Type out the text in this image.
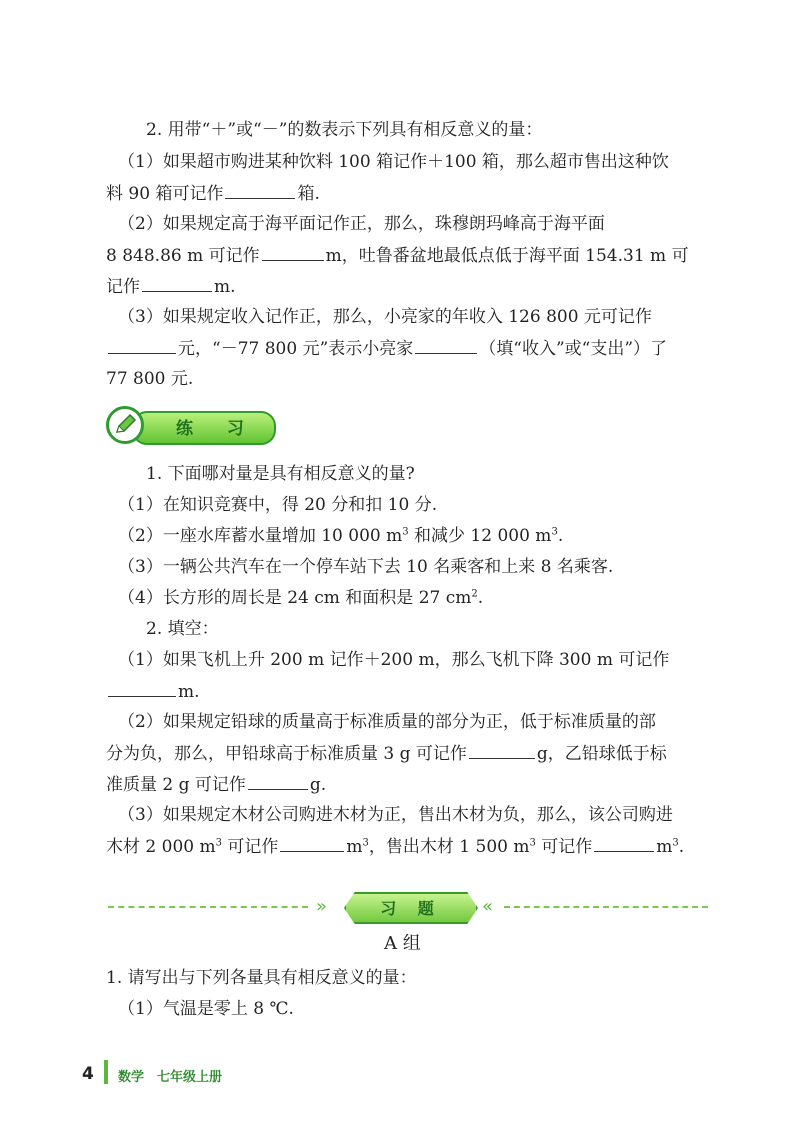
2. 用带“＋”或“－”的数表示下列具有相反意义的量：
（1）如果超市购进某种饮料 100 箱记作＋100 箱，那么超市售出这种饮
料 90 箱可记作	箱.
（2）如果规定高于海平面记作正，那么，珠穆朗玛峰高于海平面
8 848.86 m 可记作	m，吐鲁番盆地最低点低于海平面 154.31 m 可
记作	m.
（3）如果规定收入记作正，那么，小亮家的年收入 126 800 元可记作
元，“－77 800 元”表示小亮家	（填“收入”或“支出”）了
77 800 元.
练 习
1. 下面哪对量是具有相反意义的量?
（1）在知识竞赛中，得 20 分和扣 10 分.
（2）一座水库蓄水量增加 10 000 $m^3$ 和减少 12 000 $m^3$.
（3）一辆公共汽车在一个停车站下去 10 名乘客和上来 8 名乘客.
（4）长方形的周长是 24 cm 和面积是 27 $cm^2$.
2. 填空：
（1）如果飞机上升 200 m 记作＋200 m，那么飞机下降 300 m 可记作
m.
（2）如果规定铅球的质量高于标准质量的部分为正，低于标准质量的部
分为负，那么，甲铅球高于标准质量 3 g 可记作	g，乙铅球低于标
准质量 2 g 可记作	g.
（3）如果规定木材公司购进木材为正，售出木材为负，那么，该公司购进
木材 2 000 $m^3$ 可记作	$m^3$，售出木材 1 500 $m^3$ 可记作	$m^3$.
»	习 题	«
A 组
1. 请写出与下列各量具有相反意义的量：
（1）气温是零上 8 ℃.
4 数学　七年级上册
